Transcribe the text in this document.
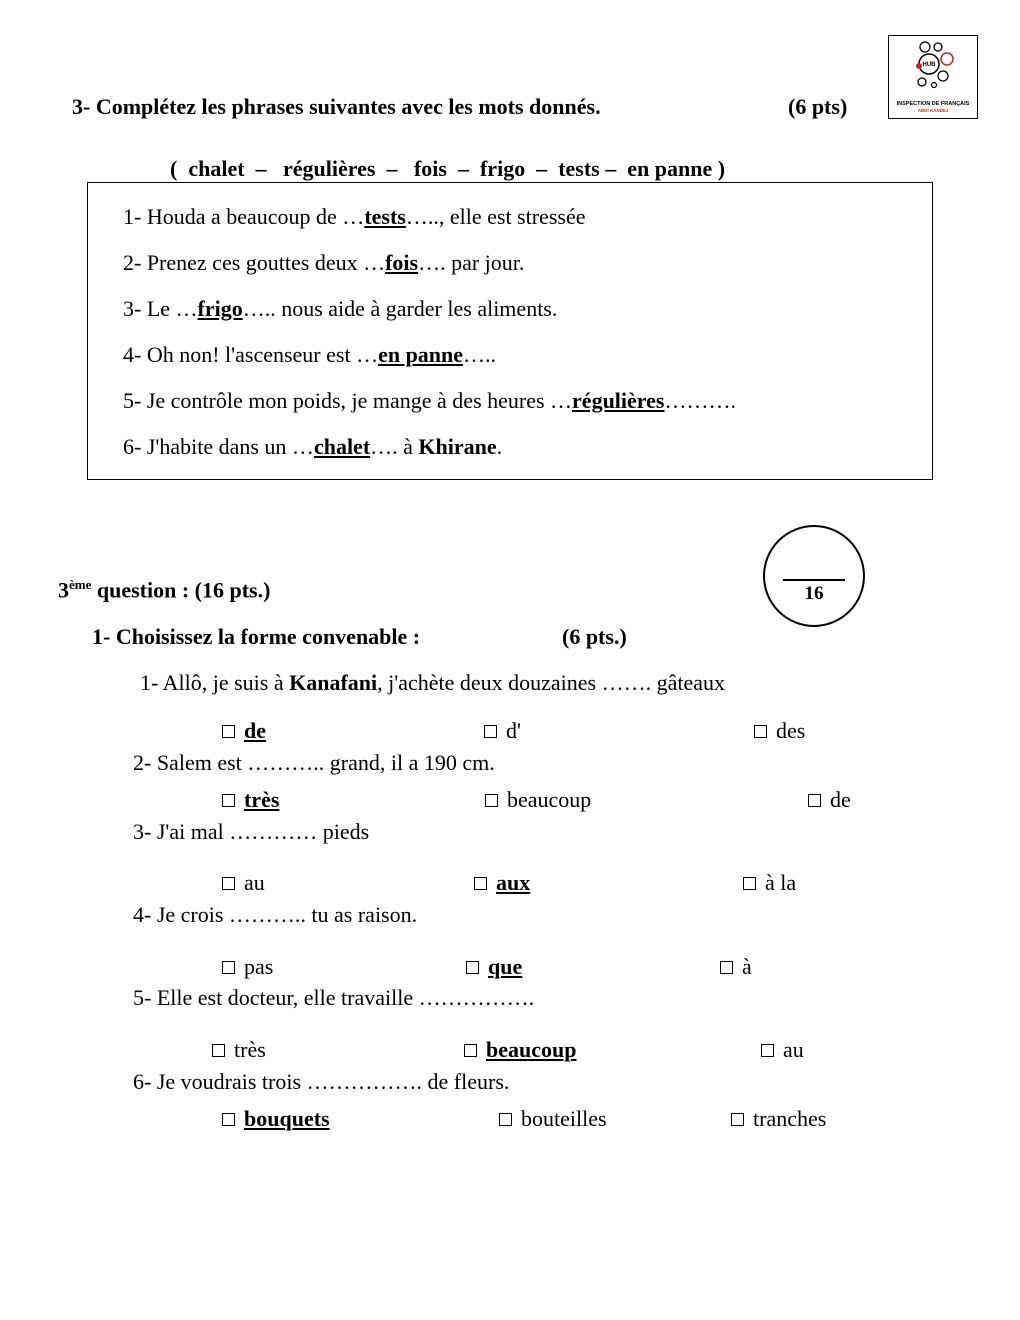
HUB
INSPECTION DE FRANÇAIS
ABDI KANDILI
3- Complétez les phrases suivantes avec les mots donnés.	(6 pts)
(  chalet  –   régulières  –   fois  –  frigo  –  tests –  en panne )
1- Houda a beaucoup de …tests….., elle est stressée
2- Prenez ces gouttes deux …fois…. par jour.
3- Le …frigo….. nous aide à garder les aliments.
4- Oh non! l'ascenseur est …en panne…..
5- Je contrôle mon poids, je mange à des heures …régulières……….
6- J'habite dans un …chalet…. à Khirane.
3ème question : (16 pts.)	16
1- Choisissez la forme convenable :	(6 pts.)
1- Allô, je suis à Kanafani, j'achète deux douzaines ……. gâteaux
de	d'	des
2- Salem est ……….. grand, il a 190 cm.
très	beaucoup	de
3- J'ai mal ………… pieds
au	aux	à la
4- Je crois ……….. tu as raison.
pas	que	à
5- Elle est docteur, elle travaille …………….
très	beaucoup	au
6- Je voudrais trois ……………. de fleurs.
bouquets	bouteilles	tranches
